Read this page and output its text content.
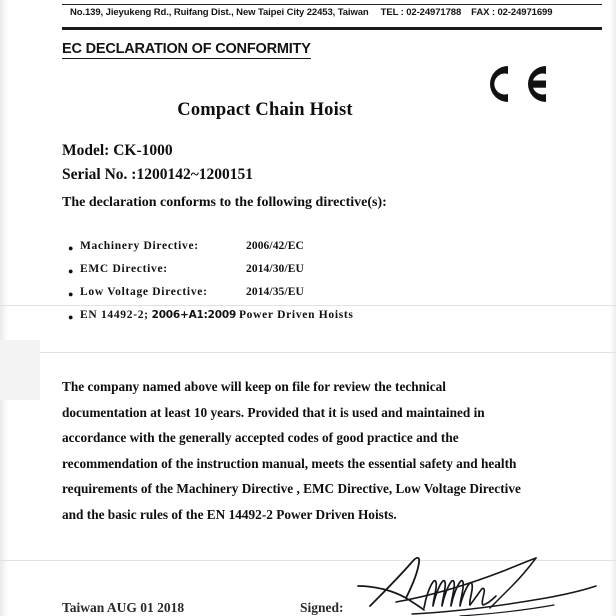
No.139, Jieyukeng Rd., Ruifang Dist., New Taipei City 22453, Taiwan TEL : 02-24971788 FAX : 02-24971699
EC DECLARATION OF CONFORMITY
Compact Chain Hoist
Model: CK-1000
Serial No. :1200142~1200151
The declaration conforms to the following directive(s):
● Machinery Directive:	2006/42/EC
● EMC Directive:	2014/30/EU
● Low Voltage Directive:	2014/35/EU
● EN 14492-2; 2006+A1:2009 Power Driven Hoists
The company named above will keep on file for review the technical documentation at least 10 years. Provided that it is used and maintained in accordance with the generally accepted codes of good practice and the recommendation of the instruction manual, meets the essential safety and health requirements of the Machinery Directive , EMC Directive, Low Voltage Directive and the basic rules of the EN 14492-2 Power Driven Hoists.
Taiwan AUG 01 2018	Signed:
